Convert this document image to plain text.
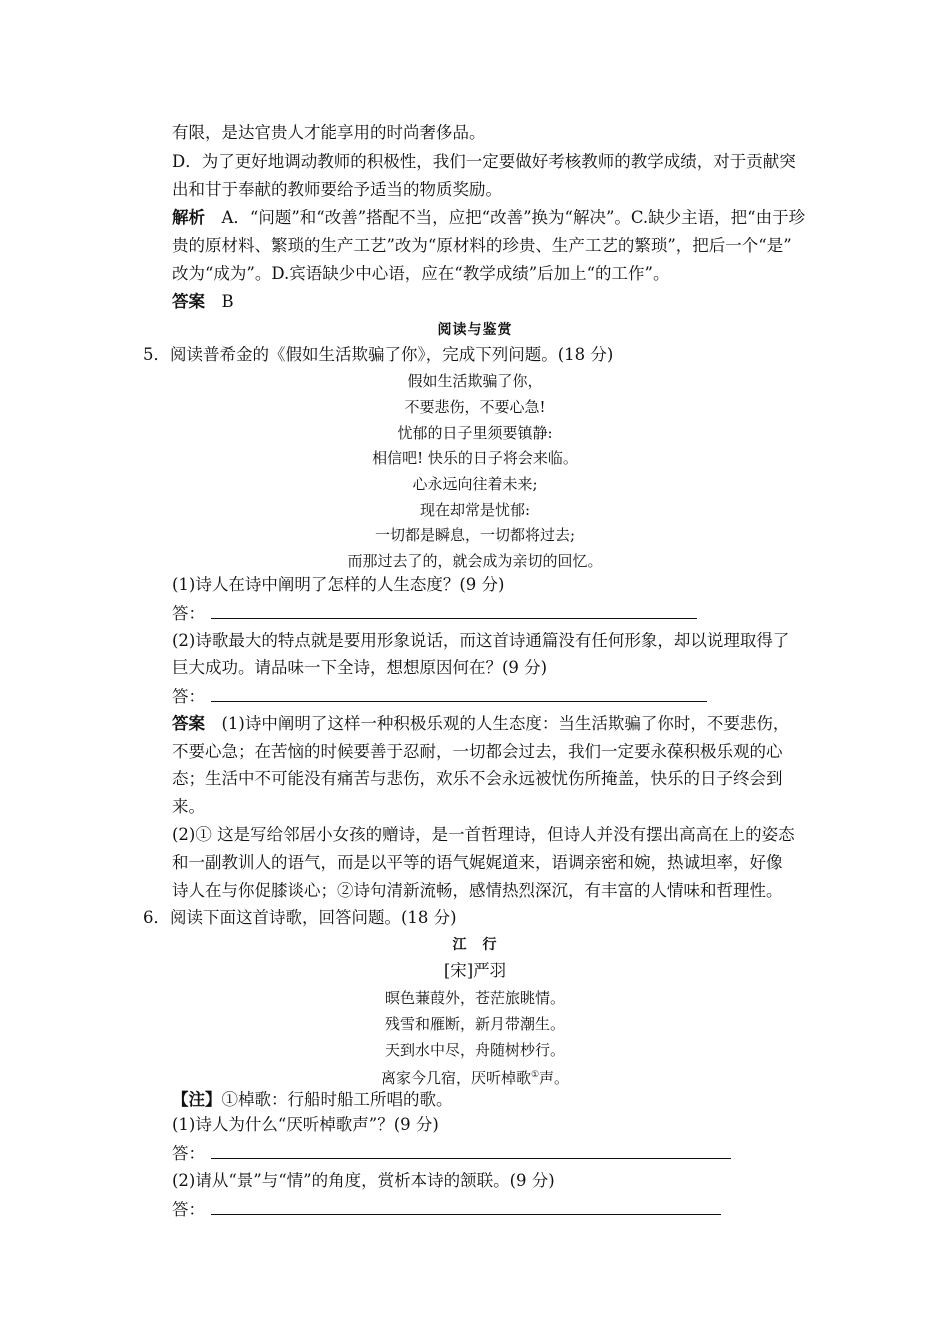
有限，是达官贵人才能享用的时尚奢侈品。
D．为了更好地调动教师的积极性，我们一定要做好考核教师的教学成绩，对于贡献突
出和甘于奉献的教师要给予适当的物质奖励。
解析　 A．“问题”和“改善”搭配不当，应把“改善”换为“解决”。C.缺少主语，把“由于珍
贵的原材料、繁琐的生产工艺”改为“原材料的珍贵、生产工艺的繁琐”，把后一个“是”
改为“成为”。D.宾语缺少中心语，应在“教学成绩”后加上“的工作”。
答案　 B
阅读与鉴赏
5．阅读普希金的《假如生活欺骗了你》，完成下列问题。(18 分)
假如生活欺骗了你，
不要悲伤，不要心急!
忧郁的日子里须要镇静:
相信吧! 快乐的日子将会来临。
心永远向往着未来;
现在却常是忧郁:
一切都是瞬息，一切都将过去;
而那过去了的，就会成为亲切的回忆。
(1)诗人在诗中阐明了怎样的人生态度？(9 分)
答：
(2)诗歌最大的特点就是要用形象说话，而这首诗通篇没有任何形象，却以说理取得了
巨大成功。请品味一下全诗，想想原因何在？(9 分)
答：
答案　 (1)诗中阐明了这样一种积极乐观的人生态度：当生活欺骗了你时，不要悲伤，
不要心急；在苦恼的时候要善于忍耐，一切都会过去，我们一定要永葆积极乐观的心
态；生活中不可能没有痛苦与悲伤，欢乐不会永远被忧伤所掩盖，快乐的日子终会到
来。
(2)① 这是写给邻居小女孩的赠诗，是一首哲理诗，但诗人并没有摆出高高在上的姿态
和一副教训人的语气，而是以平等的语气娓娓道来，语调亲密和婉，热诚坦率，好像
诗人在与你促膝谈心；②诗句清新流畅，感情热烈深沉，有丰富的人情味和哲理性。
6．阅读下面这首诗歌，回答问题。(18 分)
江　行
[宋]严羽
暝色蒹葭外，苍茫旅眺情。
残雪和雁断，新月带潮生。
天到水中尽，舟随树杪行。
离家今几宿，厌听棹歌①声。
【注】①棹歌：行船时船工所唱的歌。
(1)诗人为什么“厌听棹歌声”？(9 分)
答：
(2)请从“景”与“情”的角度，赏析本诗的颔联。(9 分)
答：
